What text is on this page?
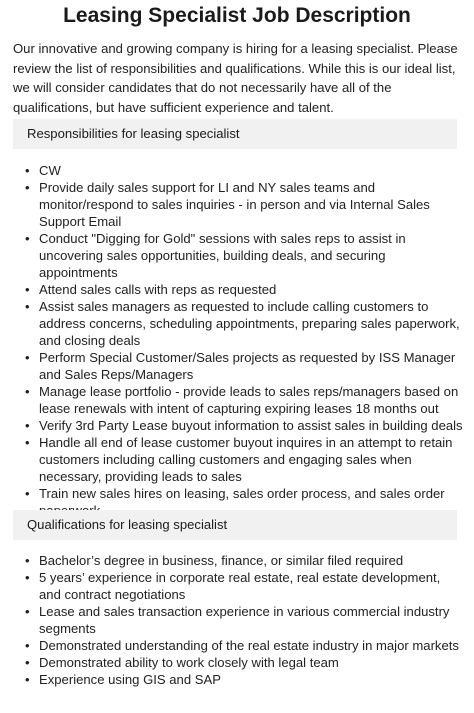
Leasing Specialist Job Description

Our innovative and growing company is hiring for a leasing specialist. Please review the list of responsibilities and qualifications. While this is our ideal list, we will consider candidates that do not necessarily have all of the qualifications, but have sufficient experience and talent.

Responsibilities for leasing specialist
• CW
• Provide daily sales support for LI and NY sales teams and monitor/respond to sales inquiries - in person and via Internal Sales Support Email
• Conduct "Digging for Gold" sessions with sales reps to assist in uncovering sales opportunities, building deals, and securing appointments
• Attend sales calls with reps as requested
• Assist sales managers as requested to include calling customers to address concerns, scheduling appointments, preparing sales paperwork, and closing deals
• Perform Special Customer/Sales projects as requested by ISS Manager and Sales Reps/Managers
• Manage lease portfolio - provide leads to sales reps/managers based on lease renewals with intent of capturing expiring leases 18 months out
• Verify 3rd Party Lease buyout information to assist sales in building deals
• Handle all end of lease customer buyout inquires in an attempt to retain customers including calling customers and engaging sales when necessary, providing leads to sales
• Train new sales hires on leasing, sales order process, and sales order
Qualifications for leasing specialist
• Bachelor’s degree in business, finance, or similar filed required
• 5 years’ experience in corporate real estate, real estate development, and contract negotiations
• Lease and sales transaction experience in various commercial industry segments
• Demonstrated understanding of the real estate industry in major markets
• Demonstrated ability to work closely with legal team
• Experience using GIS and SAP
